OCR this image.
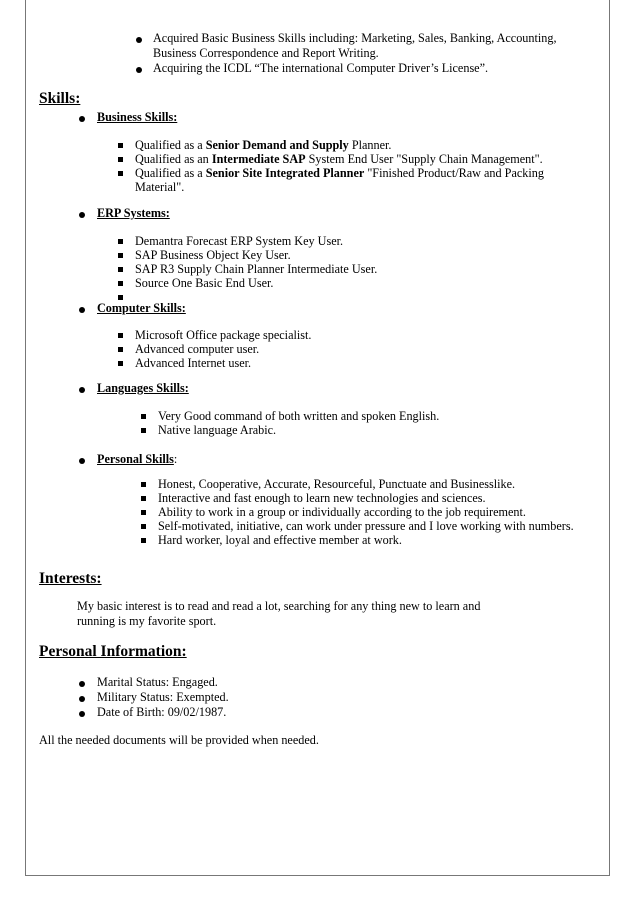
Acquired Basic Business Skills including: Marketing, Sales, Banking, Accounting,
Business Correspondence and Report Writing.
Acquiring the ICDL “The international Computer Driver’s License”.
Skills:
Business Skills:
Qualified as a Senior Demand and Supply Planner.
Qualified as an Intermediate SAP System End User "Supply Chain Management".
Qualified as a Senior Site Integrated Planner "Finished Product/Raw and Packing
Material".
ERP Systems:
Demantra Forecast ERP System Key User.
SAP Business Object Key User.
SAP R3 Supply Chain Planner Intermediate User.
Source One Basic End User.
Computer Skills:
Microsoft Office package specialist.
Advanced computer user.
Advanced Internet user.
Languages Skills:
Very Good command of both written and spoken English.
Native language Arabic.
Personal Skills:
Honest, Cooperative, Accurate, Resourceful, Punctuate and Businesslike.
Interactive and fast enough to learn new technologies and sciences.
Ability to work in a group or individually according to the job requirement.
Self-motivated, initiative, can work under pressure and I love working with numbers.
Hard worker, loyal and effective member at work.
Interests:
My basic interest is to read and read a lot, searching for any thing new to learn and
running is my favorite sport.
Personal Information:
Marital Status: Engaged.
Military Status: Exempted.
Date of Birth: 09/02/1987.
All the needed documents will be provided when needed.
